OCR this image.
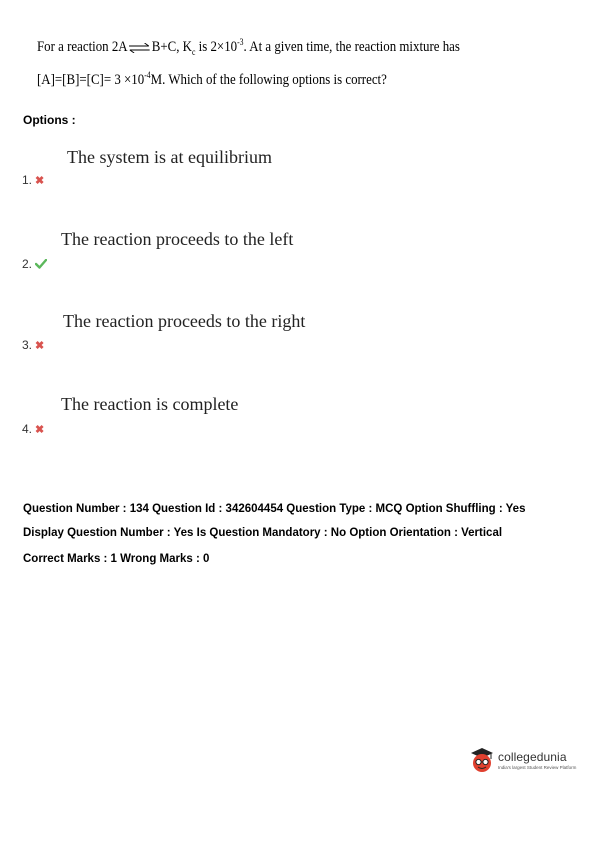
For a reaction 2A⇌B+C, $K_c$ is $2\times 10^{-3}$. At a given time, the reaction mixture has
$[A]=[B]=[C]= 3 \times 10^{-4}M$. Which of the following options is correct?
Options :
The system is at equilibrium
1. ✖
The reaction proceeds to the left
2.
The reaction proceeds to the right
3. ✖
The reaction is complete
4. ✖
Question Number : 134 Question Id : 342604454 Question Type : MCQ Option Shuffling : Yes
Display Question Number : Yes Is Question Mandatory : No Option Orientation : Vertical
Correct Marks : 1 Wrong Marks : 0
collegedunia
India's largest Student Review Platform
